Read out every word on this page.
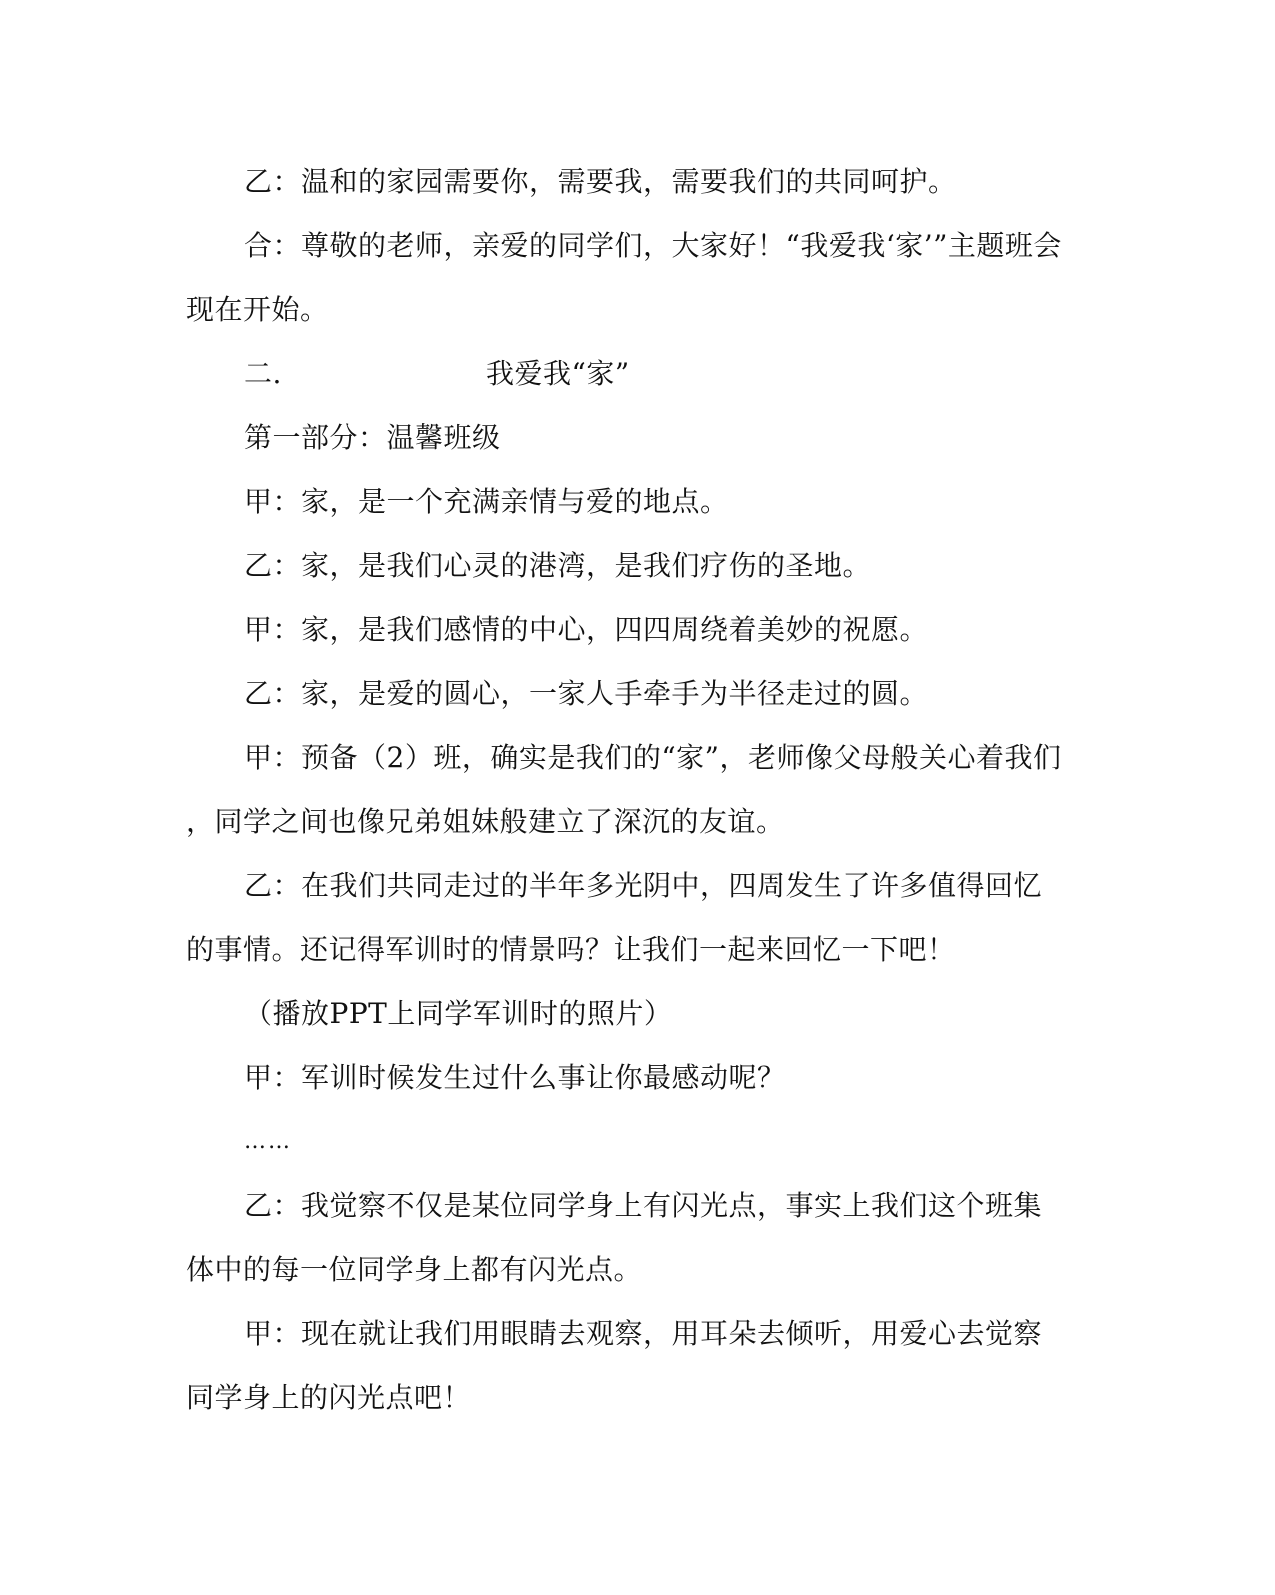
乙：温和的家园需要你，需要我，需要我们的共同呵护。
合：尊敬的老师，亲爱的同学们，大家好！“我爱我‘家’”主题班会
现在开始。
二.	我爱我“家”
第一部分：温馨班级
甲：家，是一个充满亲情与爱的地点。
乙：家，是我们心灵的港湾，是我们疗伤的圣地。
甲：家，是我们感情的中心，四四周绕着美妙的祝愿。
乙：家，是爱的圆心，一家人手牵手为半径走过的圆。
甲：预备（2）班，确实是我们的“家”，老师像父母般关心着我们
，同学之间也像兄弟姐妹般建立了深沉的友谊。
乙：在我们共同走过的半年多光阴中，四周发生了许多值得回忆
的事情。还记得军训时的情景吗？让我们一起来回忆一下吧！
（播放PPT上同学军训时的照片）
甲：军训时候发生过什么事让你最感动呢？
……
乙：我觉察不仅是某位同学身上有闪光点，事实上我们这个班集
体中的每一位同学身上都有闪光点。
甲：现在就让我们用眼睛去观察，用耳朵去倾听，用爱心去觉察
同学身上的闪光点吧！
